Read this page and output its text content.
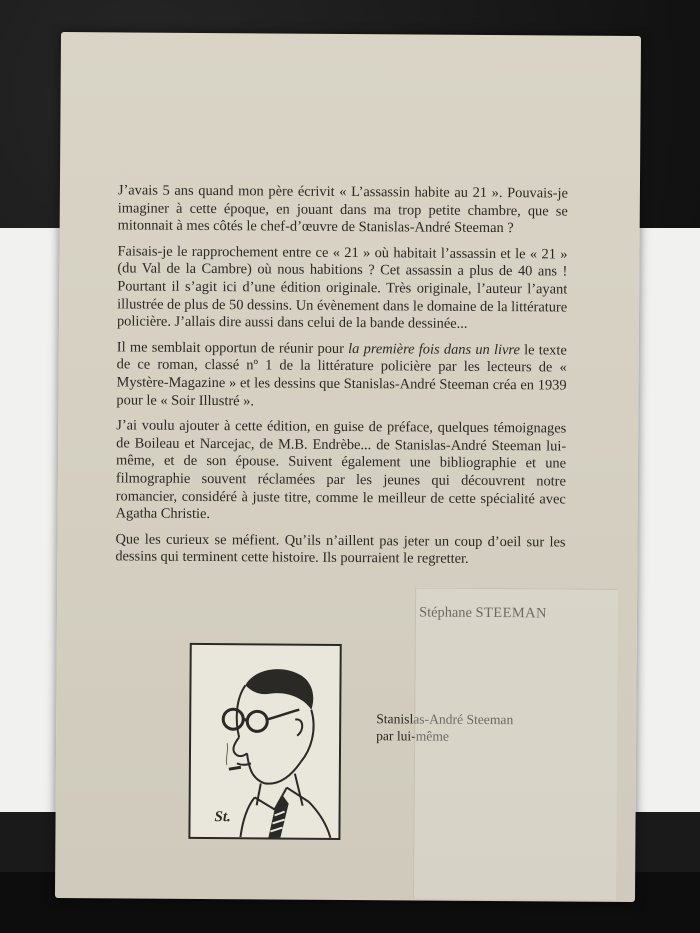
J’avais 5 ans quand mon père écrivit « L’assassin habite au 21 ». Pouvais-je imaginer à cette époque, en jouant dans ma trop petite chambre, que se mitonnait à mes côtés le chef-d’œuvre de Stanislas-André Steeman ?

Faisais-je le rapprochement entre ce « 21 » où habitait l’assassin et le « 21 » (du Val de la Cambre) où nous habitions ? Cet assassin a plus de 40 ans ! Pourtant il s’agit ici d’une édition originale. Très originale, l’auteur l’ayant illustrée de plus de 50 dessins. Un évènement dans le domaine de la littérature policière. J’allais dire aussi dans celui de la bande dessinée...

Il me semblait opportun de réunir pour la première fois dans un livre le texte de ce roman, classé nº 1 de la littérature policière par les lecteurs de « Mystère-Magazine » et les dessins que Stanislas-André Steeman créa en 1939 pour le « Soir Illustré ».

J’ai voulu ajouter à cette édition, en guise de préface, quelques témoignages de Boileau et Narcejac, de M.B. Endrèbe... de Stanislas-André Steeman lui-même, et de son épouse. Suivent également une bibliographie et une filmographie souvent réclamées par les jeunes qui découvrent notre romancier, considéré à juste titre, comme le meilleur de cette spécialité avec Agatha Christie.

Que les curieux se méfient. Qu’ils n’aillent pas jeter un coup d’oeil sur les dessins qui terminent cette histoire. Ils pourraient le regretter.

Stéphane STEEMAN
St.
Stanislas-André Steeman
par lui-même
